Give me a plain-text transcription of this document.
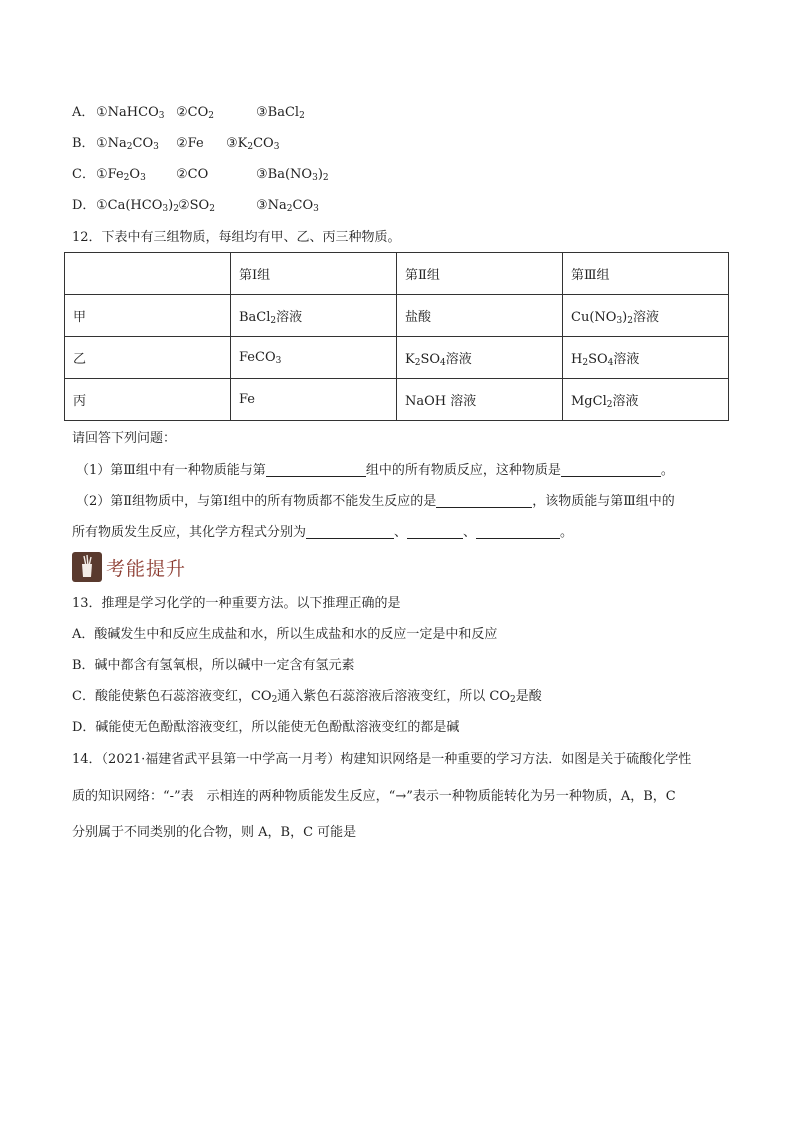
A． ①NaHCO$_3$ $②CO_2$	③BaCl$_2$
B． $①Na_2CO_3$ ②Fe $③K_2CO_3$
C． $①Fe_2O_3$ ②CO	$③Ba(NO_3)_2$
D． $①Ca(HCO_3)_2$ $②SO_2$	$③Na_2CO_3$
12．下表中有三组物质，每组均有甲、乙、丙三种物质。
	第Ⅰ组	第Ⅱ组	第Ⅲ组
甲	BaCl$_2$溶液	盐酸	$Cu(NO_3)_2$溶液
乙	FeCO$_3$	$K_2SO_4$溶液	$H_2SO_4$溶液
丙	Fe	NaOH 溶液	MgCl$_2$溶液
请回答下列问题：
（1）第Ⅲ组中有一种物质能与第	组中的所有物质反应，这种物质是	。
（2）第Ⅱ组物质中，与第Ⅰ组中的所有物质都不能发生反应的是	，该物质能与第Ⅲ组中的
所有物质发生反应，其化学方程式分别为	、	、	。
考能提升
13．推理是学习化学的一种重要方法。以下推理正确的是
A．酸碱发生中和反应生成盐和水，所以生成盐和水的反应一定是中和反应
B．碱中都含有氢氧根，所以碱中一定含有氢元素
C．酸能使紫色石蕊溶液变红，$CO_2$通入紫色石蕊溶液后溶液变红，所以 $CO_2$是酸
D．碱能使无色酚酞溶液变红，所以能使无色酚酞溶液变红的都是碱
14．（2021·福建省武平县第一中学高一月考）构建知识网络是一种重要的学习方法．如图是关于硫酸化学性
质的知识网络：“-”表　示相连的两种物质能发生反应，“→”表示一种物质能转化为另一种物质，A，B，C
分别属于不同类别的化合物，则 A，B，C 可能是
